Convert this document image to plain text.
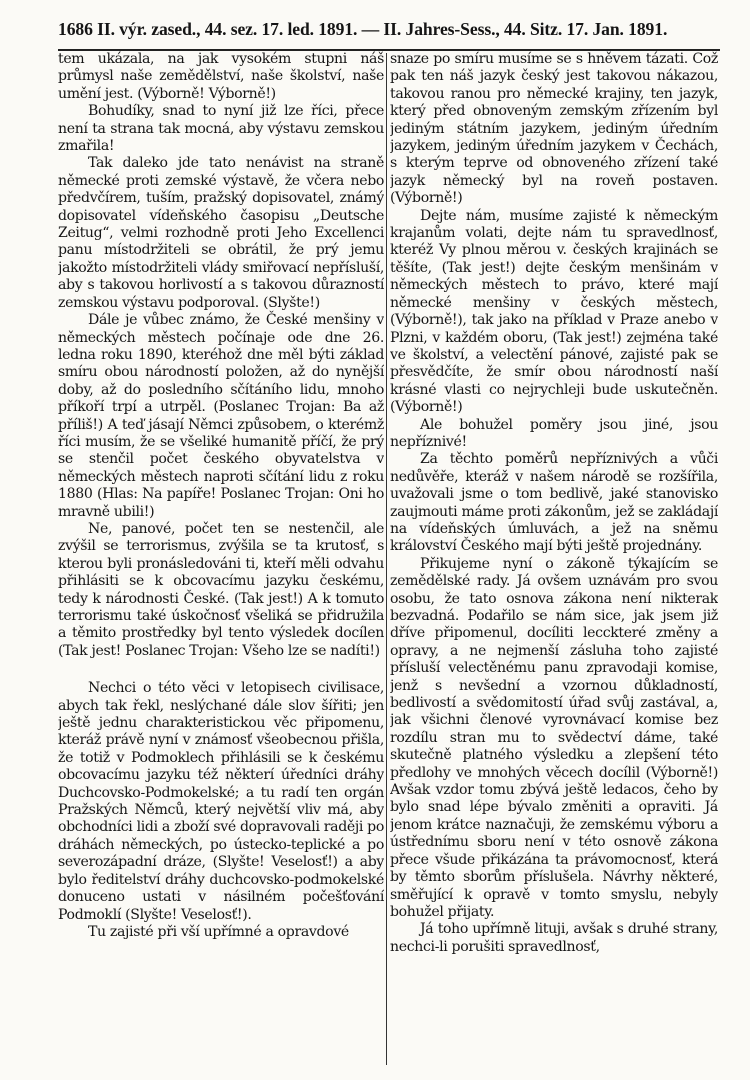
1686 II. výr. zased., 44. sez. 17. led. 1891. — II. Jahres-Sess., 44. Sitz. 17. Jan. 1891.

tem ukázala, na jak vysokém stupni náš průmysl naše zemědělství, naše školství, naše umění jest. (Výborně! Výborně!)

Bohudíky, snad to nyní již lze říci, přece není ta strana tak mocná, aby výstavu zemskou zmařila!

Tak daleko jde tato nenávist na straně německé proti zemské výstavě, že včera nebo předvčírem, tuším, pražský dopisovatel, známý dopisovatel vídeňského časopisu „Deutsche Zeitug“, velmi rozhodně proti Jeho Excellenci panu místodržiteli se obrátil, že prý jemu jakožto místodržiteli vlády smiřovací nepřísluší, aby s takovou horlivostí a s takovou důrazností zemskou výstavu podporoval. (Slyšte!)

Dále je vůbec známo, že České menšiny v německých městech počínaje ode dne 26. ledna roku 1890, kteréhož dne měl býti základ smíru obou národností položen, až do nynější doby, až do posledního sčítáního lidu, mnoho příkoří trpí a utrpěl. (Poslanec Trojan: Ba až příliš!) A teď jásají Němci způsobem, o kterémž říci musím, že se všeliké humanitě příčí, že prý se stenčil počet českého obyvatelstva v německých městech naproti sčítání lidu z roku 1880 (Hlas: Na papíře! Poslanec Trojan: Oni ho mravně ubili!)

Ne, panové, počet ten se nestenčil, ale zvýšil se terrorismus, zvýšila se ta krutosť, s kterou byli pronásledováni ti, kteří měli odvahu přihlásiti se k obcovacímu jazyku českému, tedy k národnosti České. (Tak jest!) A k tomuto terrorismu také úskočnosť všeliká se přidružila a těmito prostředky byl tento výsledek docílen (Tak jest! Poslanec Trojan: Všeho lze se nadíti!)

Nechci o této věci v letopisech civilisace, abych tak řekl, neslýchané dále slov šířiti; jen ještě jednu charakteristickou věc připomenu, kteráž právě nyní v známosť všeobecnou přišla, že totiž v Podmoklech přihlásili se k českému obcovacímu jazyku též některí úředníci dráhy Duchcovsko-Podmokelské; a tu radí ten orgán Pražských Němců, který největší vliv má, aby obchodníci lidi a zboží své dopravovali raději po dráhách německých, po ústecko-teplické a po severozápadní dráze, (Slyšte! Veselosť!) a aby bylo ředitelství dráhy duchcovsko-podmokelské donuceno ustati v násilném počešťování Podmoklí (Slyšte! Veselosť!).

Tu zajisté při vší upřímné a opravdové

snaze po smíru musíme se s hněvem tázati. Což pak ten náš jazyk český jest takovou nákazou, takovou ranou pro německé krajiny, ten jazyk, který před obnoveným zemským zřízením byl jediným státním jazykem, jediným úředním jazykem, jediným úředním jazykem v Čechách, s kterým teprve od obnoveného zřízení také jazyk německý byl na roveň postaven. (Výborně!)

Dejte nám, musíme zajisté k německým krajanům volati, dejte nám tu spravedlnosť, kteréž Vy plnou měrou v. českých krajinách se těšíte, (Tak jest!) dejte českým menšinám v německých městech to právo, které mají německé menšiny v českých městech, (Výborně!), tak jako na příklad v Praze anebo v Plzni, v každém oboru, (Tak jest!) zejména také ve školství, a velectění pánové, zajisté pak se přesvědčíte, že smír obou národností naší krásné vlasti co nejrychleji bude uskutečněn. (Výborně!)

Ale bohužel poměry jsou jiné, jsou nepříznivé!

Za těchto poměrů nepříznivých a vůči nedůvěře, kteráž v našem národě se rozšířila, uvažovali jsme o tom bedlivě, jaké stanovisko zaujmouti máme proti zákonům, jež se zakládají na vídeňských úmluvách, a jež na sněmu království Českého mají býti ještě projednány.

Přikujeme nyní o zákoně týkajícím se zemědělské rady. Já ovšem uznávám pro svou osobu, že tato osnova zákona není nikterak bezvadná. Podařilo se nám sice, jak jsem již dříve připomenul, docíliti lecckteré změny a opravy, a ne nejmenší zásluha toho zajisté přísluší velectěnému panu zpravodaji komise, jenž s nevšední a vzornou důkladností, bedlivostí a svědomitostí úřad svůj zastával, a, jak všichni členové vyrovnávací komise bez rozdílu stran mu to svědectví dáme, také skutečně platného výsledku a zlepšení této předlohy ve mnohých věcech docílil (Výborně!) Avšak vzdor tomu zbývá ještě ledacos, čeho by bylo snad lépe bývalo změniti a opraviti. Já jenom krátce naznačuji, že zemskému výboru a ústřednímu sboru není v této osnově zákona přece všude přikázána ta právomocnosť, která by těmto sborům příslušela. Návrhy některé, směřující k opravě v tomto smyslu, nebyly bohužel přijaty.

Já toho upřímně lituji, avšak s druhé strany, nechci-li porušiti spravedlnosť,
